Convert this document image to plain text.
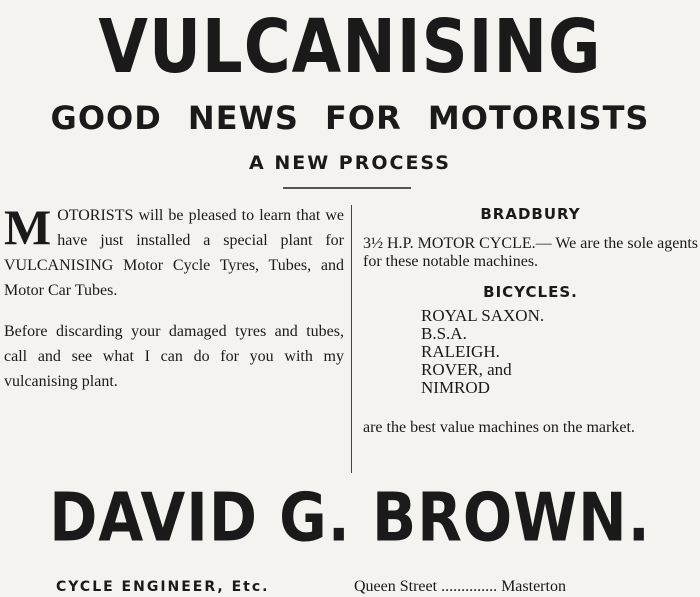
VULCANISING
GOOD NEWS FOR MOTORISTS
A NEW PROCESS
MOTORISTS will be pleased to learn that we have just installed a special plant for VULCANISING Motor Cycle Tyres, Tubes, and Motor Car Tubes.
Before discarding your damaged tyres and tubes, call and see what I can do for you with my vulcanising plant.
BRADBURY
3½ H.P. MOTOR CYCLE.— We are the sole agents for these notable machines.
BICYCLES.
ROYAL SAXON.
B.S.A.
RALEIGH.
ROVER, and
NIMROD
are the best value machines on the market.
DAVID G. BROWN.
CYCLE ENGINEER, Etc.	Queen Street .............. Masterton
